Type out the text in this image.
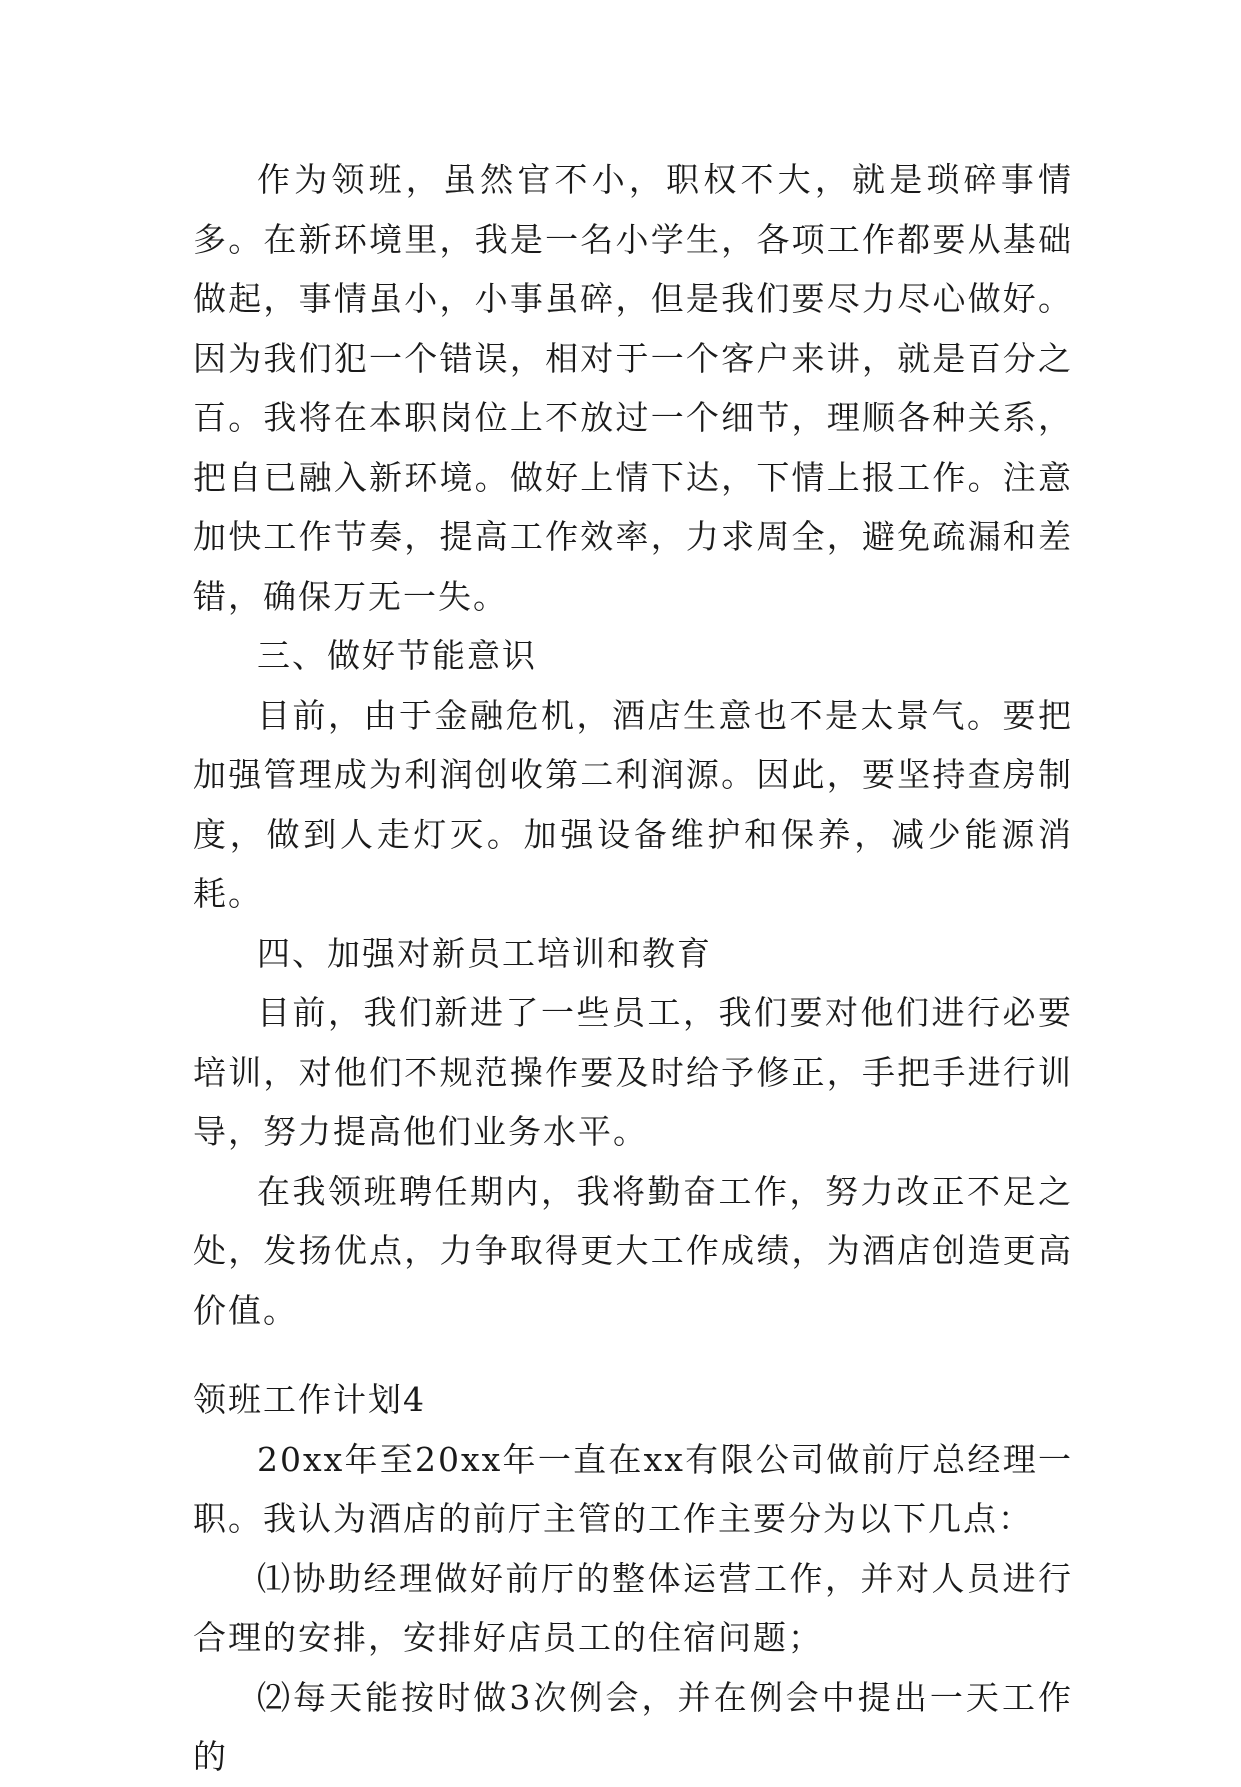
作为领班，虽然官不小，职权不大，就是琐碎事情多。在新环境里，我是一名小学生，各项工作都要从基础做起，事情虽小，小事虽碎，但是我们要尽力尽心做好。因为我们犯一个错误，相对于一个客户来讲，就是百分之百。我将在本职岗位上不放过一个细节，理顺各种关系，把自已融入新环境。做好上情下达，下情上报工作。注意加快工作节奏，提高工作效率，力求周全，避免疏漏和差错，确保万无一失。

三、做好节能意识

目前，由于金融危机，酒店生意也不是太景气。要把加强管理成为利润创收第二利润源。因此，要坚持查房制度，做到人走灯灭。加强设备维护和保养，减少能源消耗。

四、加强对新员工培训和教育

目前，我们新进了一些员工，我们要对他们进行必要培训，对他们不规范操作要及时给予修正，手把手进行训导，努力提高他们业务水平。

在我领班聘任期内，我将勤奋工作，努力改正不足之处，发扬优点，力争取得更大工作成绩，为酒店创造更高价值。

领班工作计划4

20xx年至20xx年一直在xx有限公司做前厅总经理一职。我认为酒店的前厅主管的工作主要分为以下几点：

⑴协助经理做好前厅的整体运营工作，并对人员进行合理的安排，安排好店员工的住宿问题；

⑵每天能按时做3次例会，并在例会中提出一天工作的
